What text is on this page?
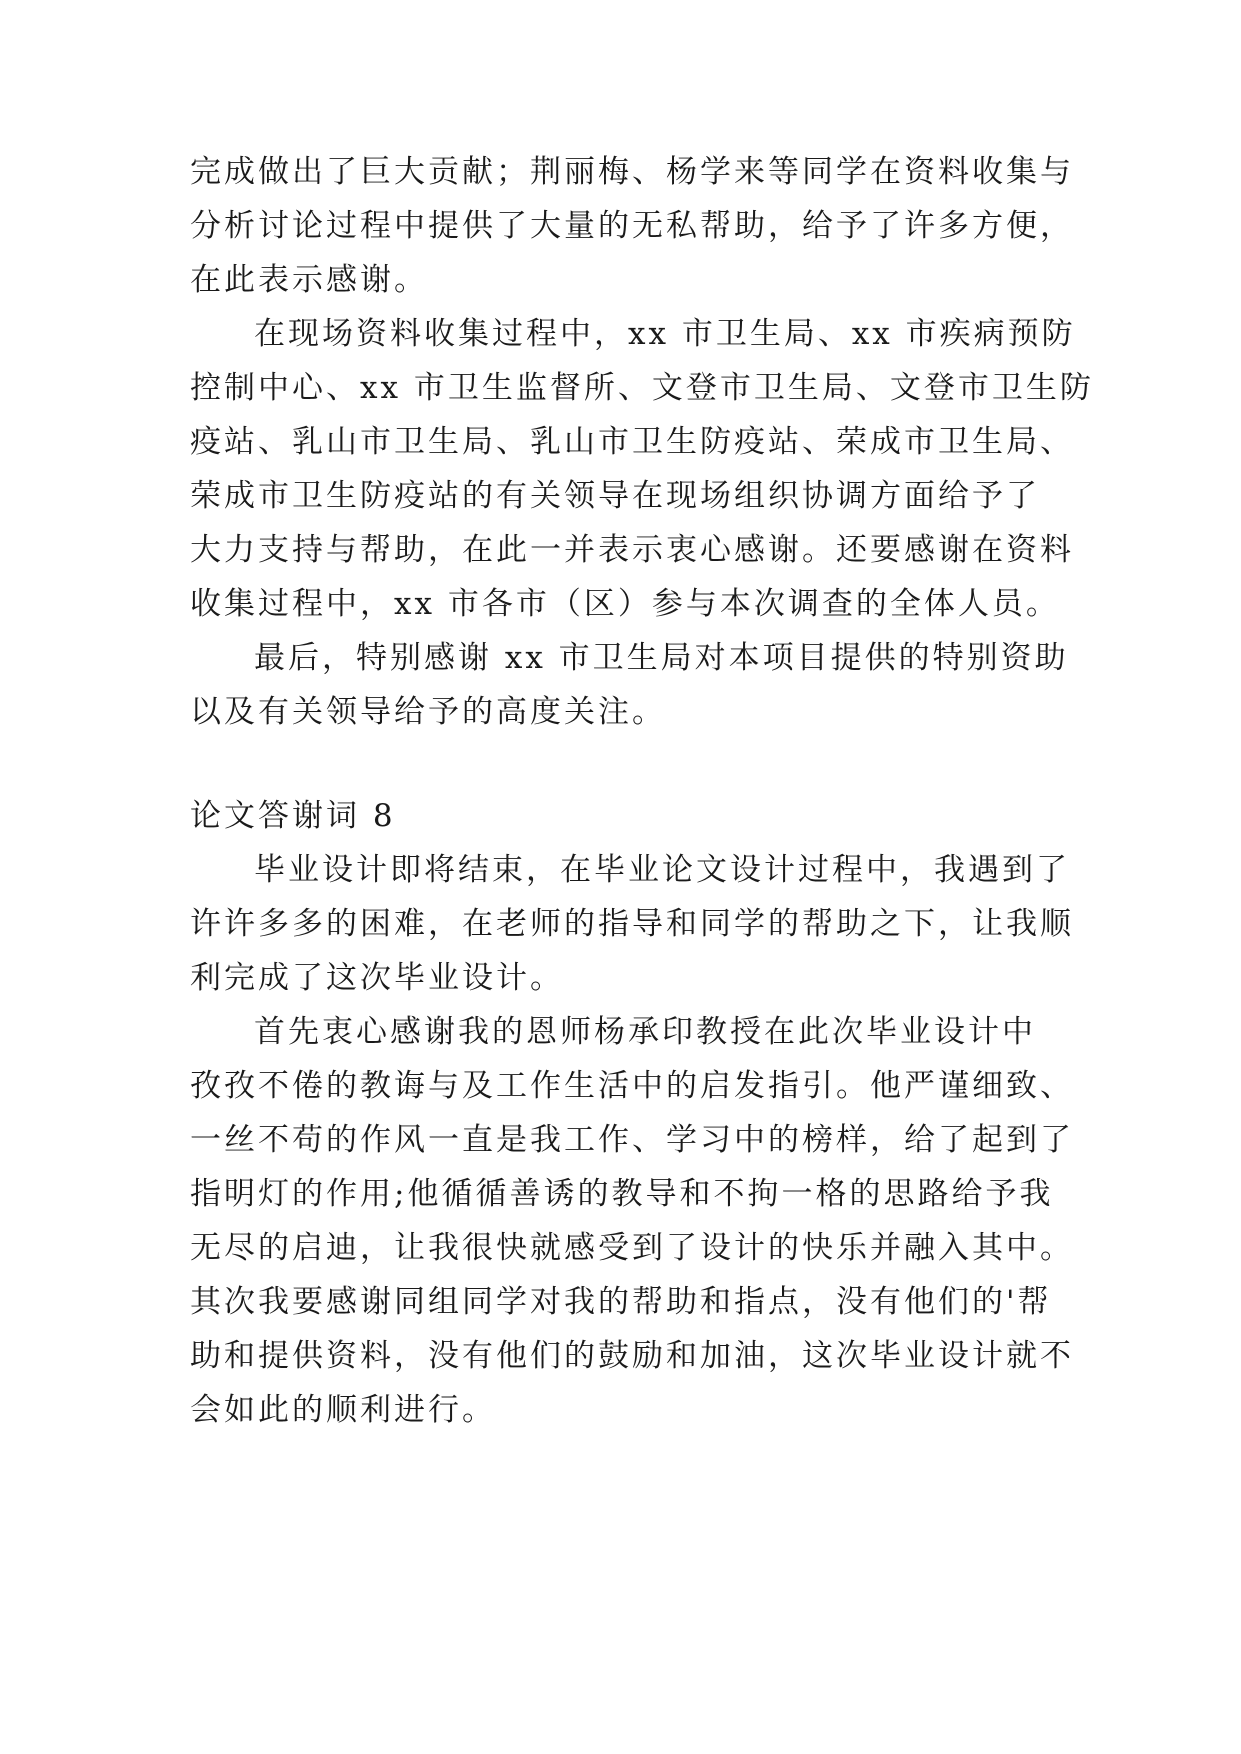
完成做出了巨大贡献；荆丽梅、杨学来等同学在资料收集与
分析讨论过程中提供了大量的无私帮助，给予了许多方便，
在此表示感谢。
在现场资料收集过程中，xx 市卫生局、xx 市疾病预防
控制中心、xx 市卫生监督所、文登市卫生局、文登市卫生防
疫站、乳山市卫生局、乳山市卫生防疫站、荣成市卫生局、
荣成市卫生防疫站的有关领导在现场组织协调方面给予了
大力支持与帮助，在此一并表示衷心感谢。还要感谢在资料
收集过程中，xx 市各市（区）参与本次调查的全体人员。
最后，特别感谢 xx 市卫生局对本项目提供的特别资助
以及有关领导给予的高度关注。
论文答谢词 8
毕业设计即将结束，在毕业论文设计过程中，我遇到了
许许多多的困难，在老师的指导和同学的帮助之下，让我顺
利完成了这次毕业设计。
首先衷心感谢我的恩师杨承印教授在此次毕业设计中
孜孜不倦的教诲与及工作生活中的启发指引。他严谨细致、
一丝不苟的作风一直是我工作、学习中的榜样，给了起到了
指明灯的作用;他循循善诱的教导和不拘一格的思路给予我
无尽的启迪，让我很快就感受到了设计的快乐并融入其中。
其次我要感谢同组同学对我的帮助和指点，没有他们的'帮
助和提供资料，没有他们的鼓励和加油，这次毕业设计就不
会如此的顺利进行。
